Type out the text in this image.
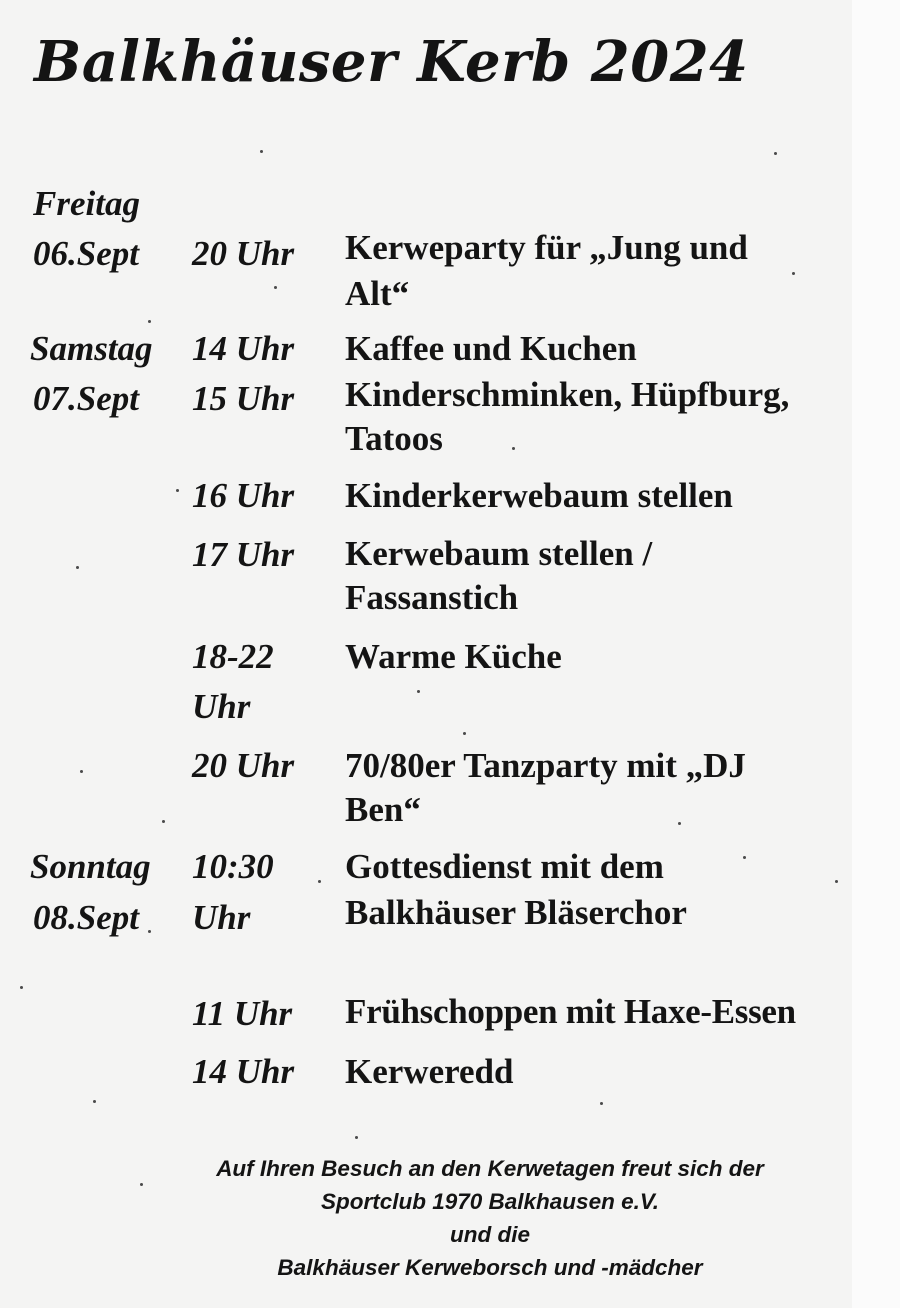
Balkhäuser Kerb 2024
Freitag
06.Sept
Samstag
07.Sept
Sonntag
08.Sept
20 Uhr
14 Uhr
15 Uhr
16 Uhr
17 Uhr
18-22
Uhr
20 Uhr
10:30
Uhr
11 Uhr
14 Uhr
Kerweparty für „Jung und
Alt“
Kaffee und Kuchen
Kinderschminken, Hüpfburg,
Tatoos
Kinderkerwebaum stellen
Kerwebaum stellen /
Fassanstich
Warme Küche
70/80er Tanzparty mit „DJ
Ben“
Gottesdienst mit dem
Balkhäuser Bläserchor
Frühschoppen mit Haxe-Essen
Kerweredd
Auf Ihren Besuch an den Kerwetagen freut sich der
Sportclub 1970 Balkhausen e.V.
und die
Balkhäuser Kerweborsch und -mädcher
